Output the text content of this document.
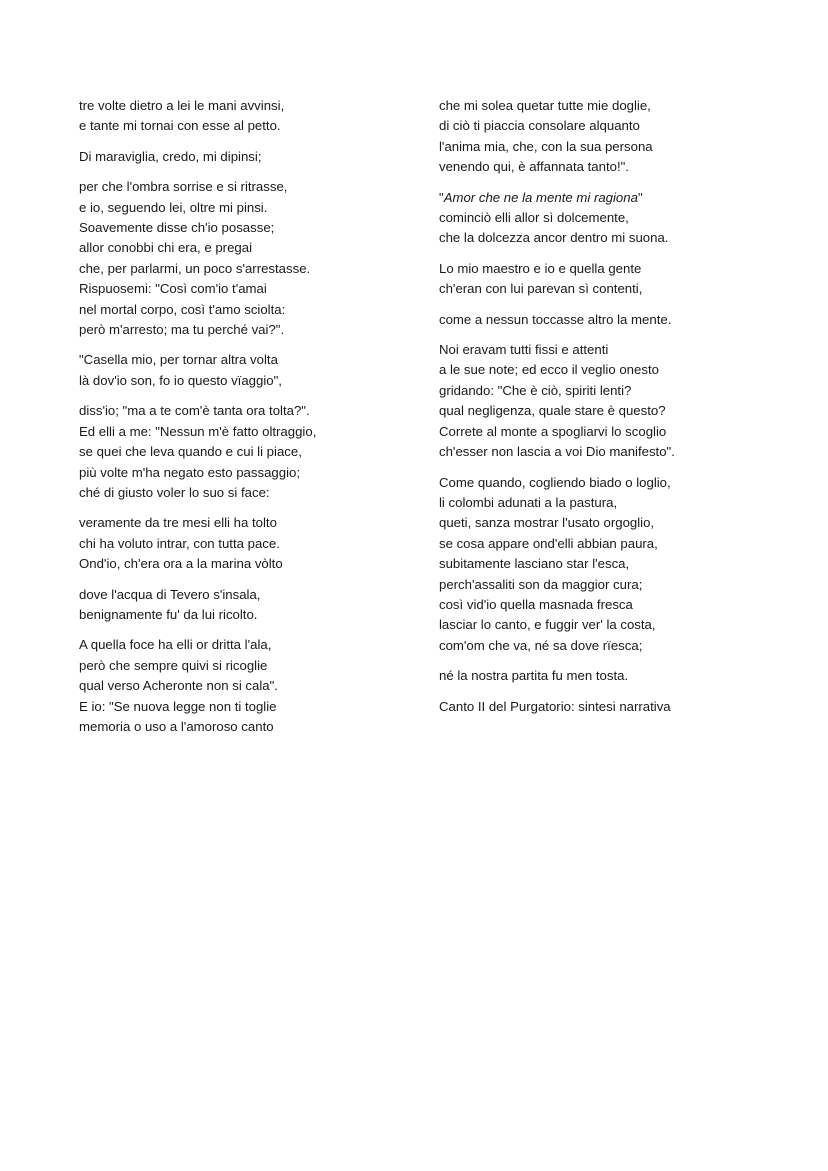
tre volte dietro a lei le mani avvinsi,
e tante mi tornai con esse al petto.
Di maraviglia, credo, mi dipinsi;
per che l'ombra sorrise e si ritrasse,
e io, seguendo lei, oltre mi pinsi.
Soavemente disse ch'io posasse;
allor conobbi chi era, e pregai
che, per parlarmi, un poco s'arrestasse.
Rispuosemi: "Così com'io t'amai
nel mortal corpo, così t'amo sciolta:
però m'arresto; ma tu perché vai?".
"Casella mio, per tornar altra volta
là dov'io son, fo io questo vïaggio",
diss'io; "ma a te com'è tanta ora tolta?".
Ed elli a me: "Nessun m'è fatto oltraggio,
se quei che leva quando e cui li piace,
più volte m'ha negato esto passaggio;
ché di giusto voler lo suo si face:
veramente da tre mesi elli ha tolto
chi ha voluto intrar, con tutta pace.
Ond'io, ch'era ora a la marina vòlto
dove l'acqua di Tevero s'insala,
benignamente fu' da lui ricolto.
A quella foce ha elli or dritta l'ala,
però che sempre quivi si ricoglie
qual verso Acheronte non si cala".
E io: "Se nuova legge non ti toglie
memoria o uso a l'amoroso canto
che mi solea quetar tutte mie doglie,
di ciò ti piaccia consolare alquanto
l'anima mia, che, con la sua persona
venendo qui, è affannata tanto!".
"Amor che ne la mente mi ragiona"
cominciò elli allor sì dolcemente,
che la dolcezza ancor dentro mi suona.
Lo mio maestro e io e quella gente
ch'eran con lui parevan sì contenti,
come a nessun toccasse altro la mente.
Noi eravam tutti fissi e attenti
a le sue note; ed ecco il veglio onesto
gridando: "Che è ciò, spiriti lenti?
qual negligenza, quale stare è questo?
Correte al monte a spogliarvi lo scoglio
ch'esser non lascia a voi Dio manifesto".
Come quando, cogliendo biado o loglio,
li colombi adunati a la pastura,
queti, sanza mostrar l'usato orgoglio,
se cosa appare ond'elli abbian paura,
subitamente lasciano star l'esca,
perch'assaliti son da maggior cura;
così vid'io quella masnada fresca
lasciar lo canto, e fuggir ver' la costa,
com'om che va, né sa dove rïesca;
né la nostra partita fu men tosta.
Canto II del Purgatorio: sintesi narrativa
